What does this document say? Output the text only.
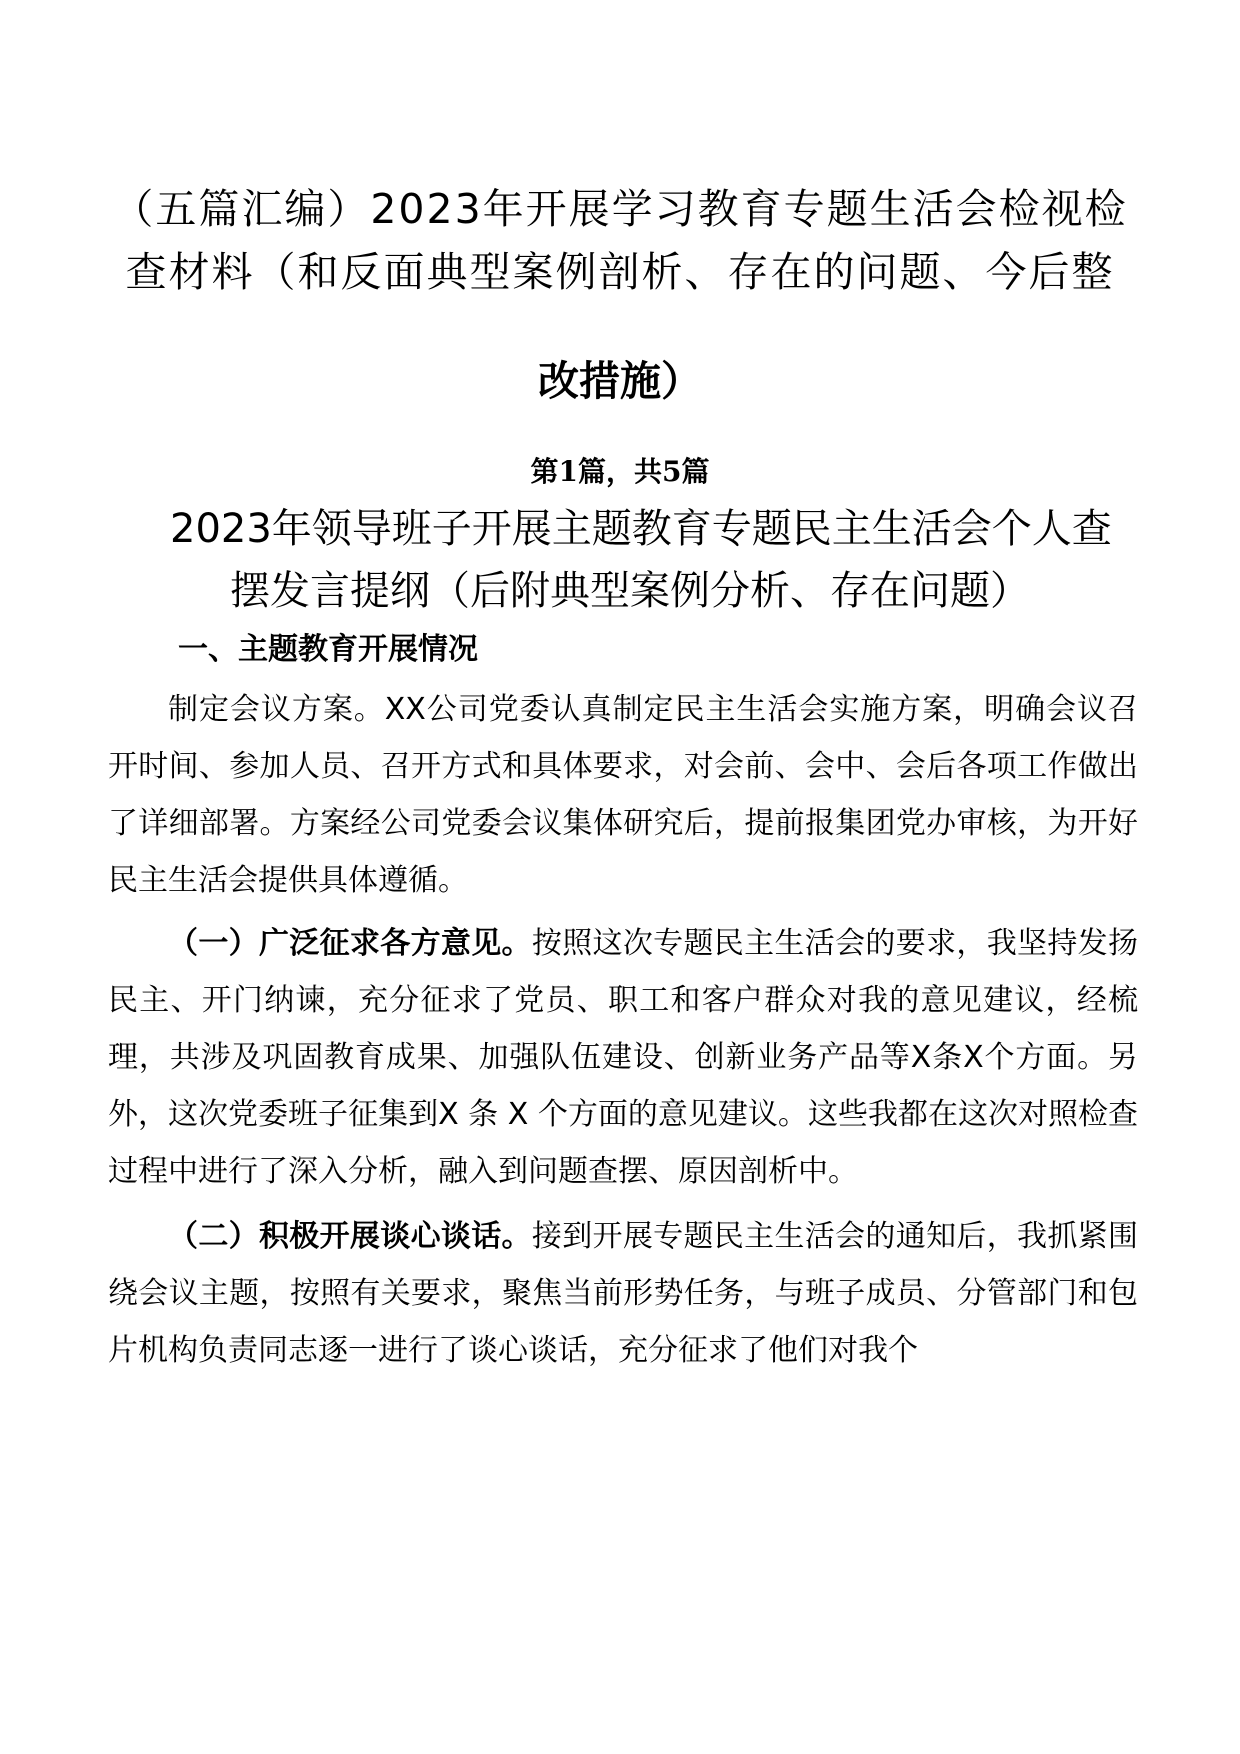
（五篇汇编）2023年开展学习教育专题生活会检视检查材料（和反面典型案例剖析、存在的问题、今后整
改措施）
第1篇，共5篇
2023年领导班子开展主题教育专题民主生活会个人查
摆发言提纲（后附典型案例分析、存在问题）
一、主题教育开展情况

制定会议方案。XX公司党委认真制定民主生活会实施方案，明确会议召开时间、参加人员、召开方式和具体要求，对会前、会中、会后各项工作做出了详细部署。方案经公司党委会议集体研究后，提前报集团党办审核，为开好民主生活会提供具体遵循。

（一）广泛征求各方意见。按照这次专题民主生活会的要求，我坚持发扬民主、开门纳谏，充分征求了党员、职工和客户群众对我的意见建议，经梳理，共涉及巩固教育成果、加强队伍建设、创新业务产品等X条X个方面。另外，这次党委班子征集到X 条 X 个方面的意见建议。这些我都在这次对照检查过程中进行了深入分析，融入到问题查摆、原因剖析中。

（二）积极开展谈心谈话。接到开展专题民主生活会的通知后，我抓紧围绕会议主题，按照有关要求，聚焦当前形势任务，与班子成员、分管部门和包片机构负责同志逐一进行了谈心谈话，充分征求了他们对我个
